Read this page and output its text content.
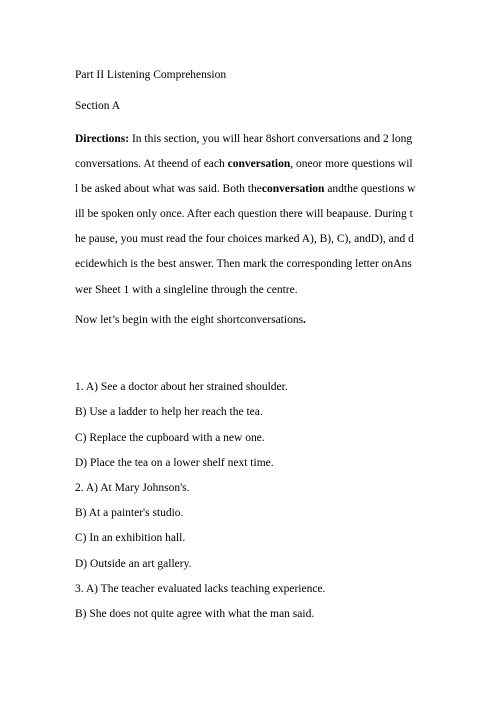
Part II Listening Comprehension
Section A
Directions: In this section, you will hear 8short conversations and 2 long
conversations. At theend of each conversation, oneor more questions wil
l be asked about what was said. Both theconversation andthe questions w
ill be spoken only once. After each question there will beapause. During t
he pause, you must read the four choices marked A), B), C), andD), and d
ecidewhich is the best answer. Then mark the corresponding letter onAns
wer Sheet 1 with a singleline through the centre.
Now let’s begin with the eight shortconversations.
1. A) See a doctor about her strained shoulder.
B) Use a ladder to help her reach the tea.
C) Replace the cupboard with a new one.
D) Place the tea on a lower shelf next time.
2. A) At Mary Johnson's.
B) At a painter's studio.
C) In an exhibition hall.
D) Outside an art gallery.
3. A) The teacher evaluated lacks teaching experience.
B) She does not quite agree with what the man said.
